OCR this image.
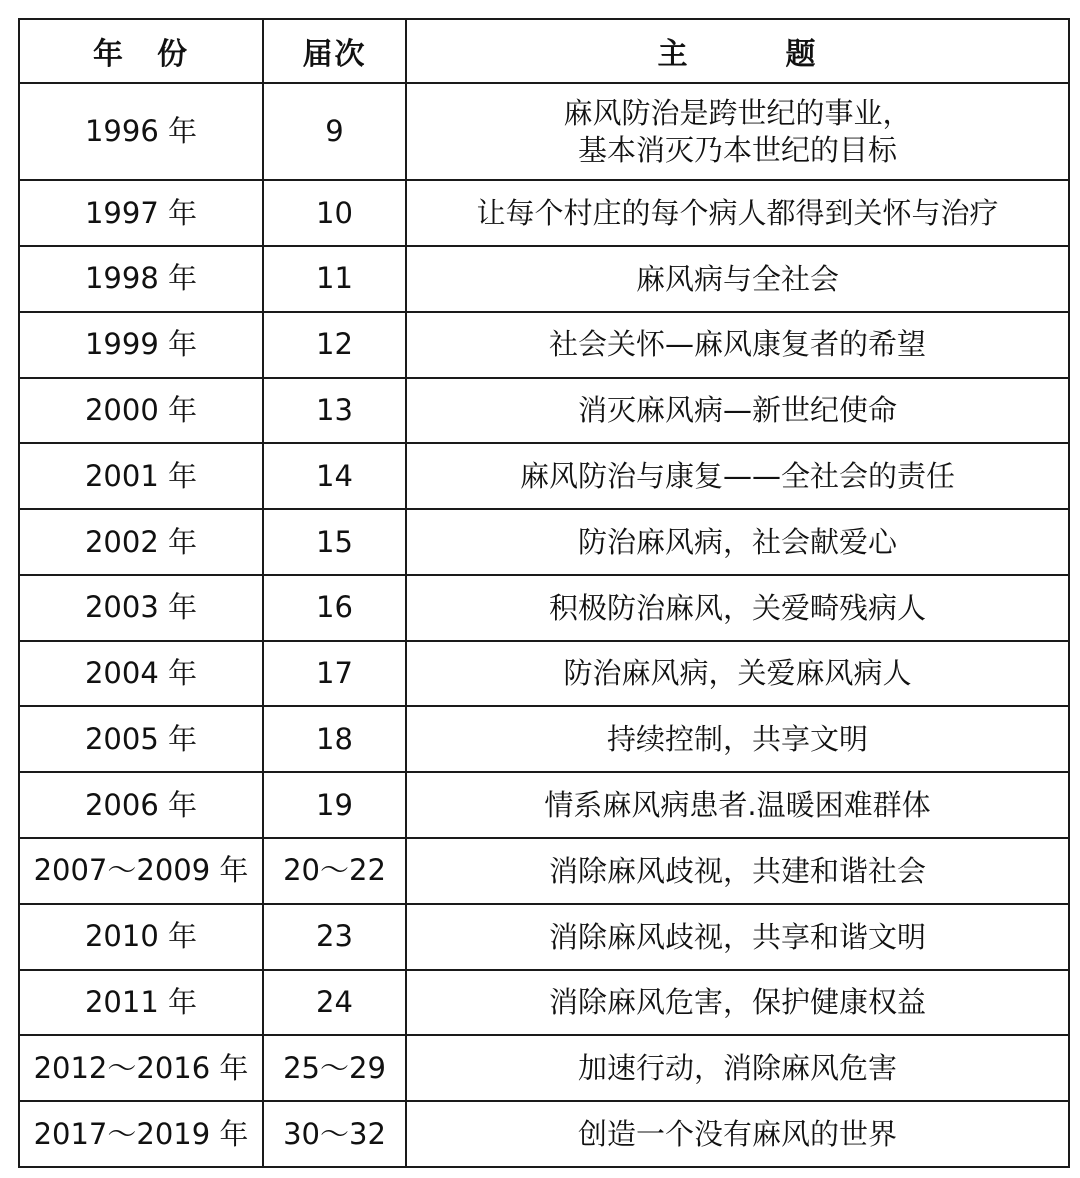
年　份	届次	主　　　题
1996 年	9	麻风防治是跨世纪的事业，
基本消灭乃本世纪的目标

1997 年	10	让每个村庄的每个病人都得到关怀与治疗

1998 年	11	麻风病与全社会

1999 年	12	社会关怀—麻风康复者的希望

2000 年	13	消灭麻风病—新世纪使命

2001 年	14	麻风防治与康复——全社会的责任

2002 年	15	防治麻风病，社会献爱心

2003 年	16	积极防治麻风，关爱畸残病人

2004 年	17	防治麻风病，关爱麻风病人

2005 年	18	持续控制，共享文明

2006 年	19	情系麻风病患者.温暖困难群体

2007～2009 年	20～22	消除麻风歧视，共建和谐社会

2010 年	23	消除麻风歧视，共享和谐文明

2011 年	24	消除麻风危害，保护健康权益

2012～2016 年	25～29	加速行动，消除麻风危害

2017～2019 年	30～32	创造一个没有麻风的世界
